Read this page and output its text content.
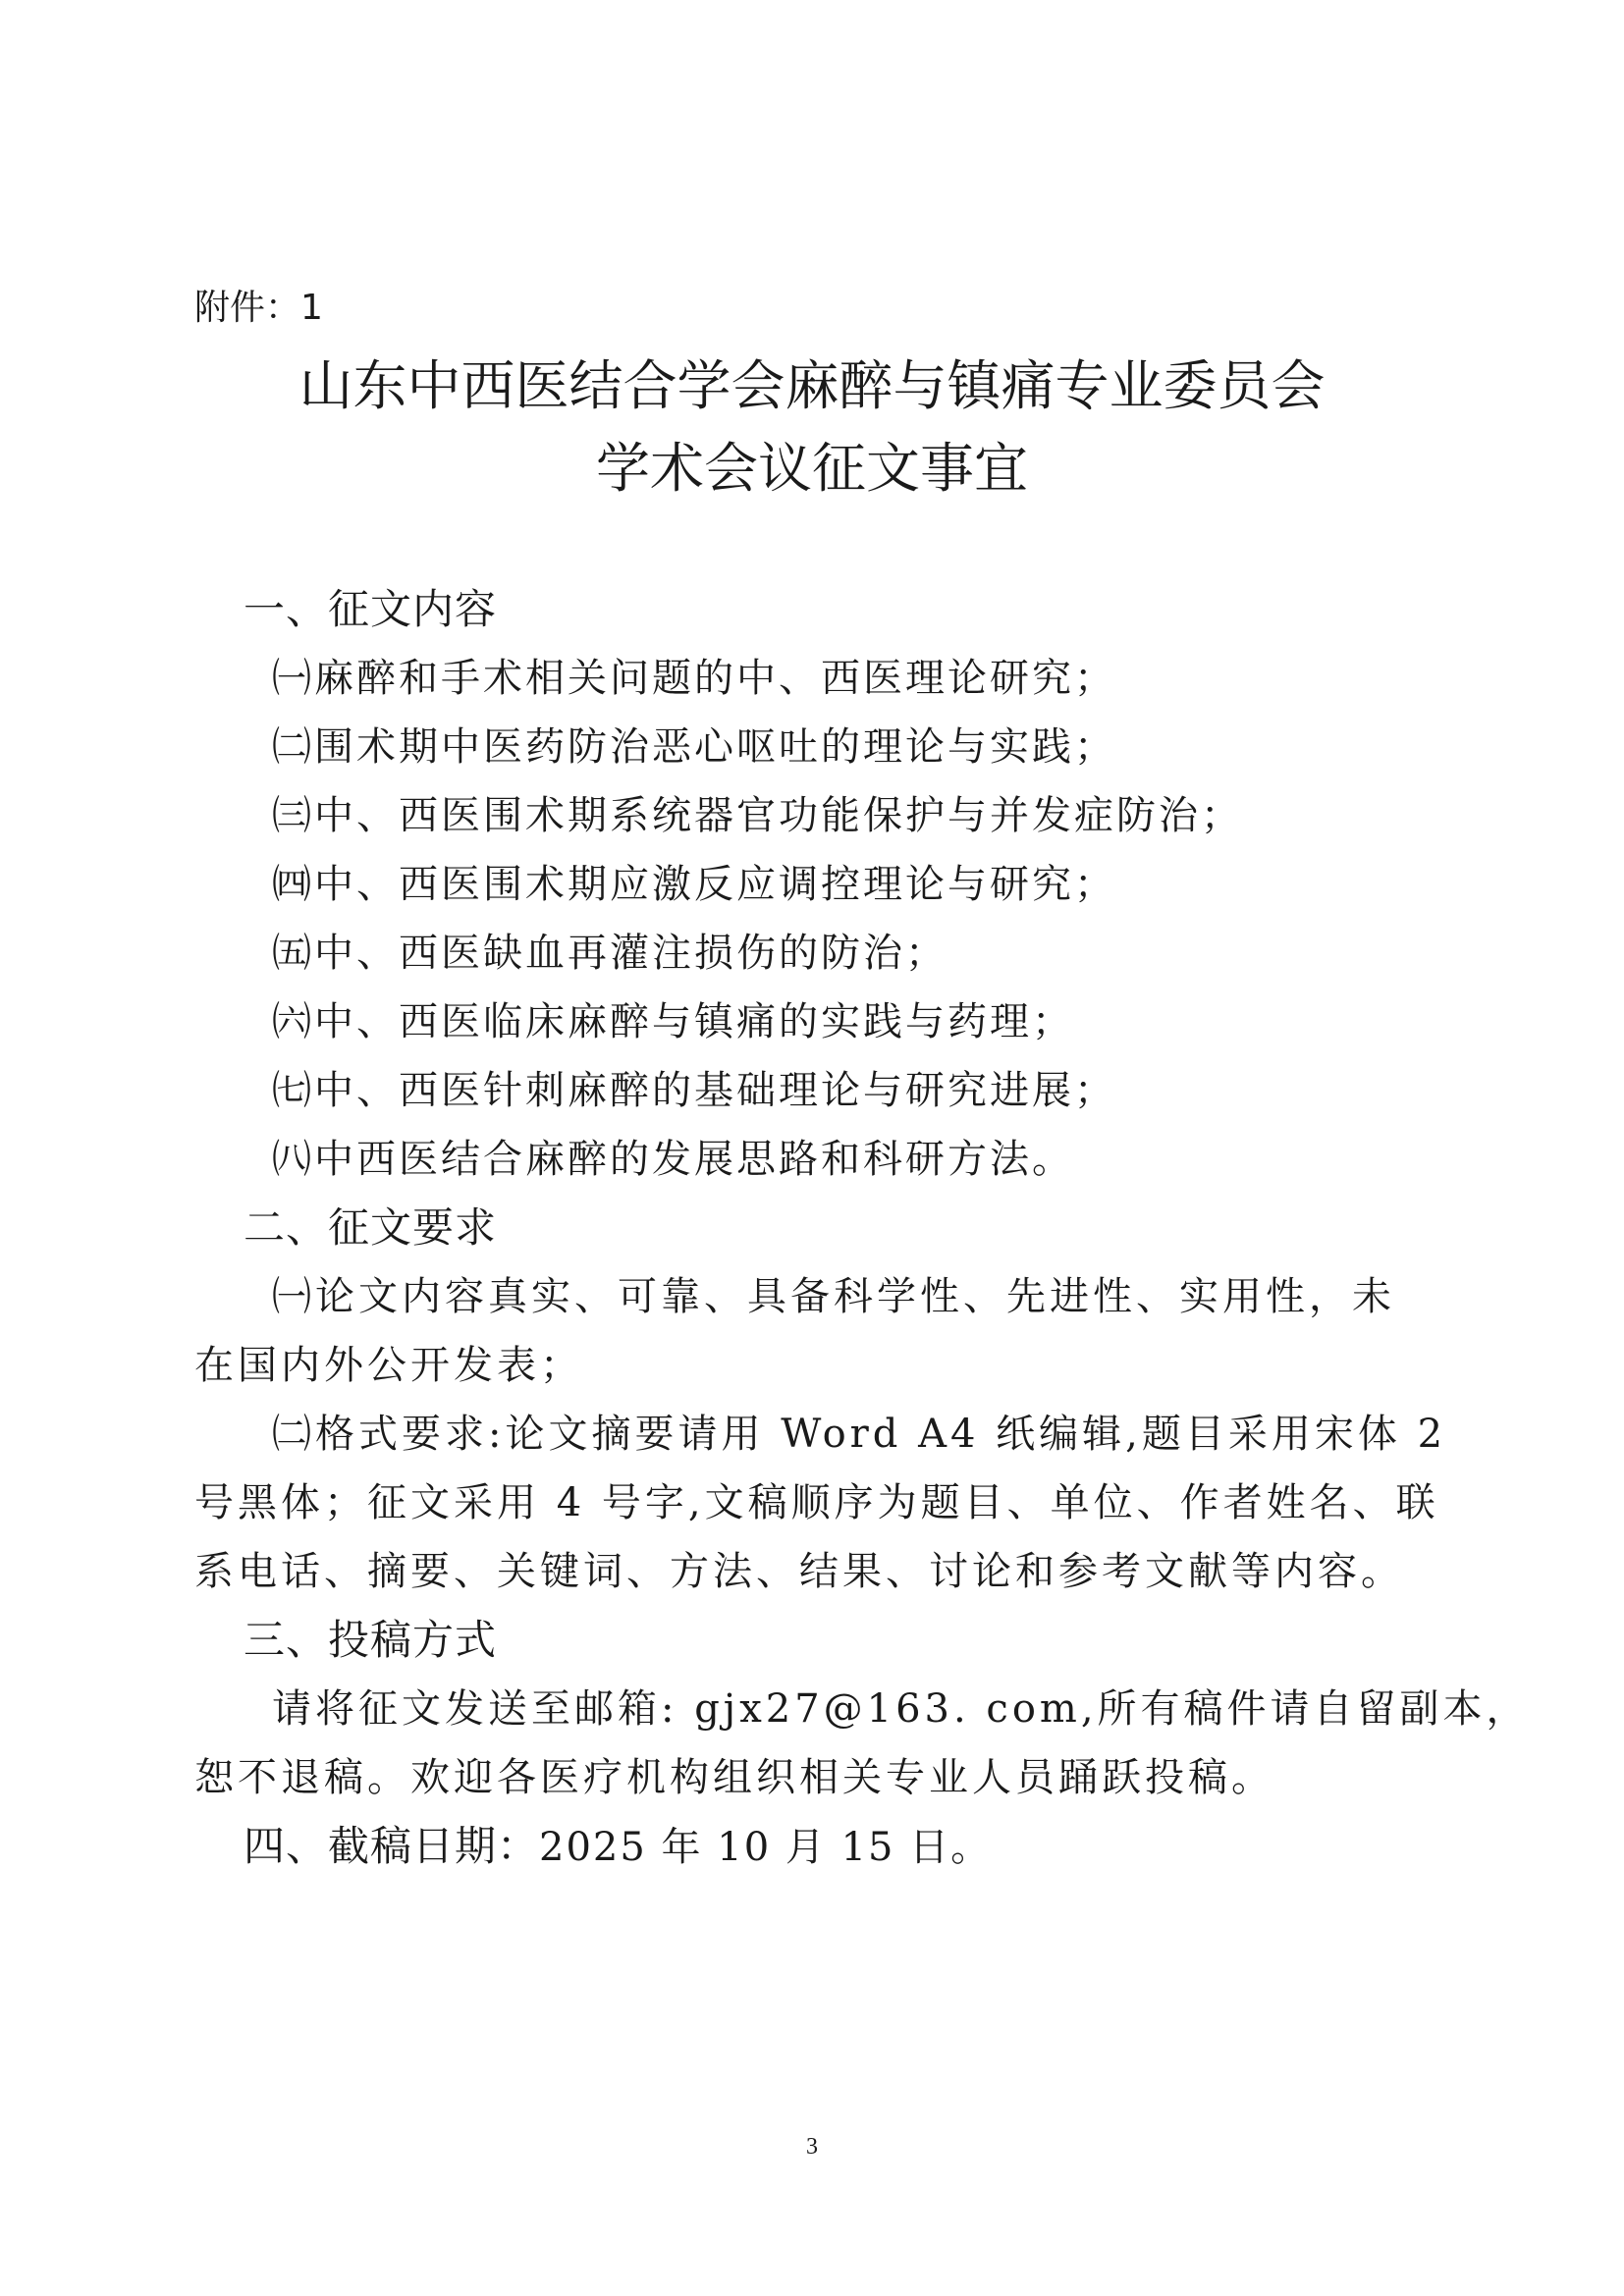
附件：1
山东中西医结合学会麻醉与镇痛专业委员会
学术会议征文事宜
一、征文内容
㈠麻醉和手术相关问题的中、西医理论研究；
㈡围术期中医药防治恶心呕吐的理论与实践；
㈢中、西医围术期系统器官功能保护与并发症防治；
㈣中、西医围术期应激反应调控理论与研究；
㈤中、西医缺血再灌注损伤的防治；
㈥中、西医临床麻醉与镇痛的实践与药理；
㈦中、西医针刺麻醉的基础理论与研究进展；
㈧中西医结合麻醉的发展思路和科研方法。
二、征文要求
㈠论文内容真实、可靠、具备科学性、先进性、实用性，未
在国内外公开发表；
㈡格式要求:论文摘要请用 Word A4 纸编辑,题目采用宋体 2
号黑体；征文采用 4 号字,文稿顺序为题目、单位、作者姓名、联
系电话、摘要、关键词、方法、结果、讨论和参考文献等内容。
三、投稿方式
请将征文发送至邮箱: gjx27@163. com,所有稿件请自留副本，
恕不退稿。欢迎各医疗机构组织相关专业人员踊跃投稿。
四、截稿日期：2025 年 10 月 15 日。
3
